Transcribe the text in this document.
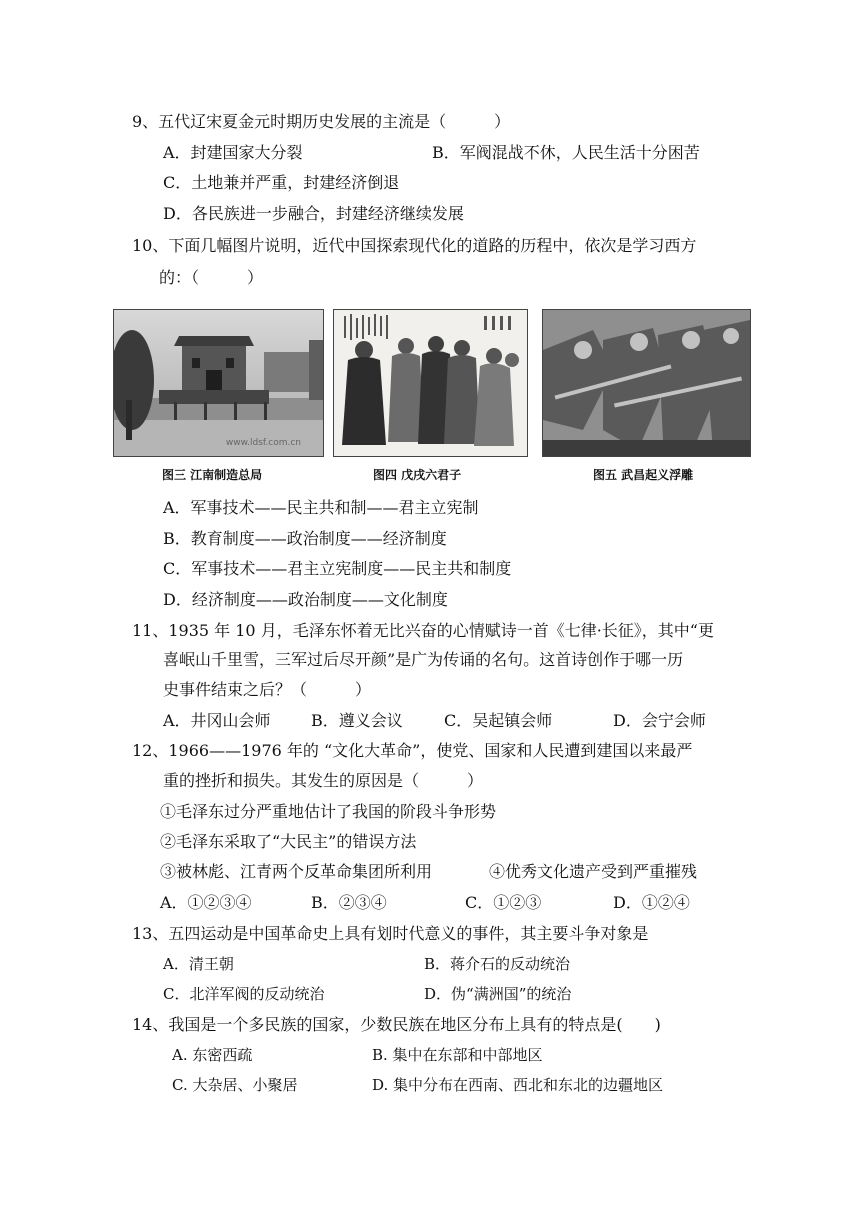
9、五代辽宋夏金元时期历史发展的主流是（　　　）
A．封建国家大分裂	B．军阀混战不休，人民生活十分困苦
C．土地兼并严重，封建经济倒退
D．各民族进一步融合，封建经济继续发展
10、下面几幅图片说明，近代中国探索现代化的道路的历程中，依次是学习西方
的：（　　　）
www.ldsf.com.cn
图三 江南制造总局	图四 戊戌六君子	图五 武昌起义浮雕
A．军事技术——民主共和制——君主立宪制
B．教育制度——政治制度——经济制度
C．军事技术——君主立宪制度——民主共和制度
D．经济制度——政治制度——文化制度
11、1935 年 10 月，毛泽东怀着无比兴奋的心情赋诗一首《七律·长征》，其中“更
喜岷山千里雪，三军过后尽开颜”是广为传诵的名句。这首诗创作于哪一历
史事件结束之后？（　　　）
A．井冈山会师	B．遵义会议	C．吴起镇会师	D．会宁会师
12、1966——1976 年的 “文化大革命”，使党、国家和人民遭到建国以来最严
重的挫折和损失。其发生的原因是（　　　）
①毛泽东过分严重地估计了我国的阶段斗争形势
②毛泽东采取了“大民主”的错误方法
③被林彪、江青两个反革命集团所利用	④优秀文化遗产受到严重摧残
A．①②③④	B．②③④	C．①②③	D．①②④
13、五四运动是中国革命史上具有划时代意义的事件，其主要斗争对象是
A．清王朝	B．蒋介石的反动统治
C．北洋军阀的反动统治	D．伪“满洲国”的统治
14、我国是一个多民族的国家，少数民族在地区分布上具有的特点是(　　)
A. 东密西疏	B. 集中在东部和中部地区
C. 大杂居、小聚居	D. 集中分布在西南、西北和东北的边疆地区
